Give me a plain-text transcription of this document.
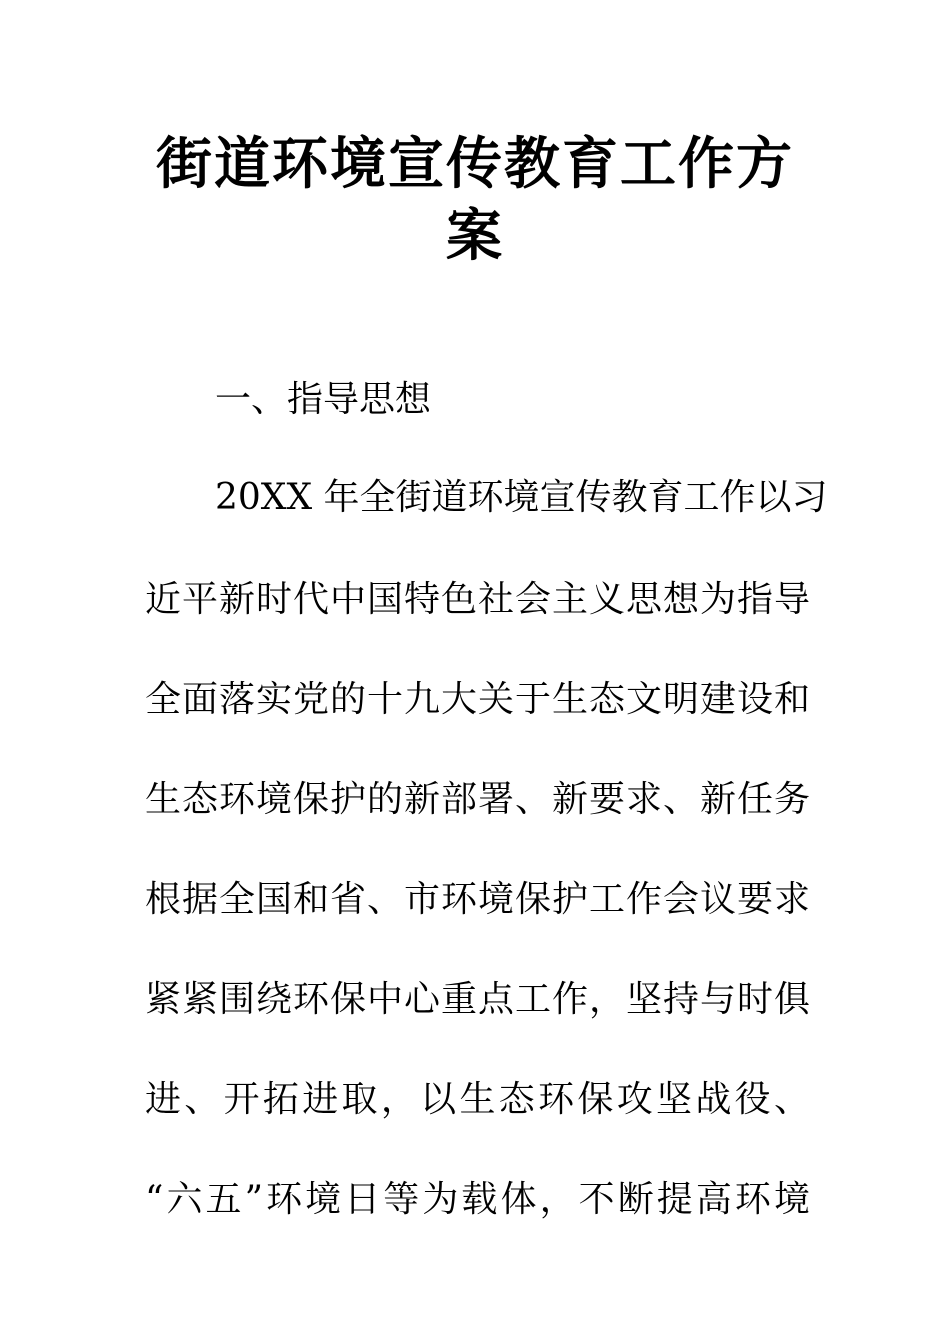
街道环境宣传教育工作方
案
一、指导思想
20XX 年全街道环境宣传教育工作以习
近平新时代中国特色社会主义思想为指导
全面落实党的十九大关于生态文明建设和
生态环境保护的新部署、新要求、新任务
根据全国和省、市环境保护工作会议要求
紧紧围绕环保中心重点工作，坚持与时俱
进、开拓进取，以生态环保攻坚战役、
“六五”环境日等为载体，不断提高环境
